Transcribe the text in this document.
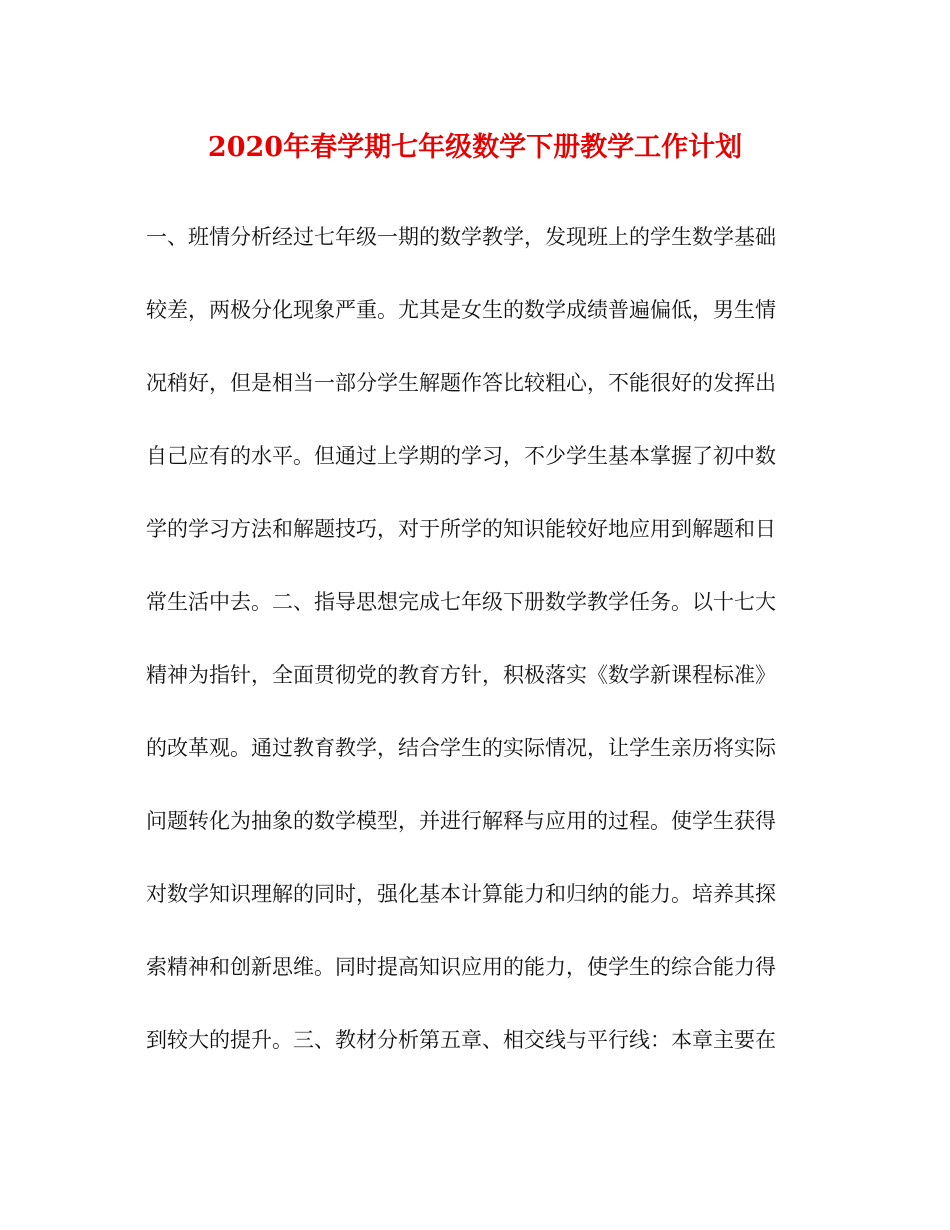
2020年春学期七年级数学下册教学工作计划
一、班情分析经过七年级一期的数学教学，发现班上的学生数学基础
较差，两极分化现象严重。尤其是女生的数学成绩普遍偏低，男生情
况稍好，但是相当一部分学生解题作答比较粗心，不能很好的发挥出
自己应有的水平。但通过上学期的学习，不少学生基本掌握了初中数
学的学习方法和解题技巧，对于所学的知识能较好地应用到解题和日
常生活中去。二、指导思想完成七年级下册数学教学任务。以十七大
精神为指针，全面贯彻党的教育方针，积极落实《数学新课程标准》
的改革观。通过教育教学，结合学生的实际情况，让学生亲历将实际
问题转化为抽象的数学模型，并进行解释与应用的过程。使学生获得
对数学知识理解的同时，强化基本计算能力和归纳的能力。培养其探
索精神和创新思维。同时提高知识应用的能力，使学生的综合能力得
到较大的提升。三、教材分析第五章、相交线与平行线：本章主要在
